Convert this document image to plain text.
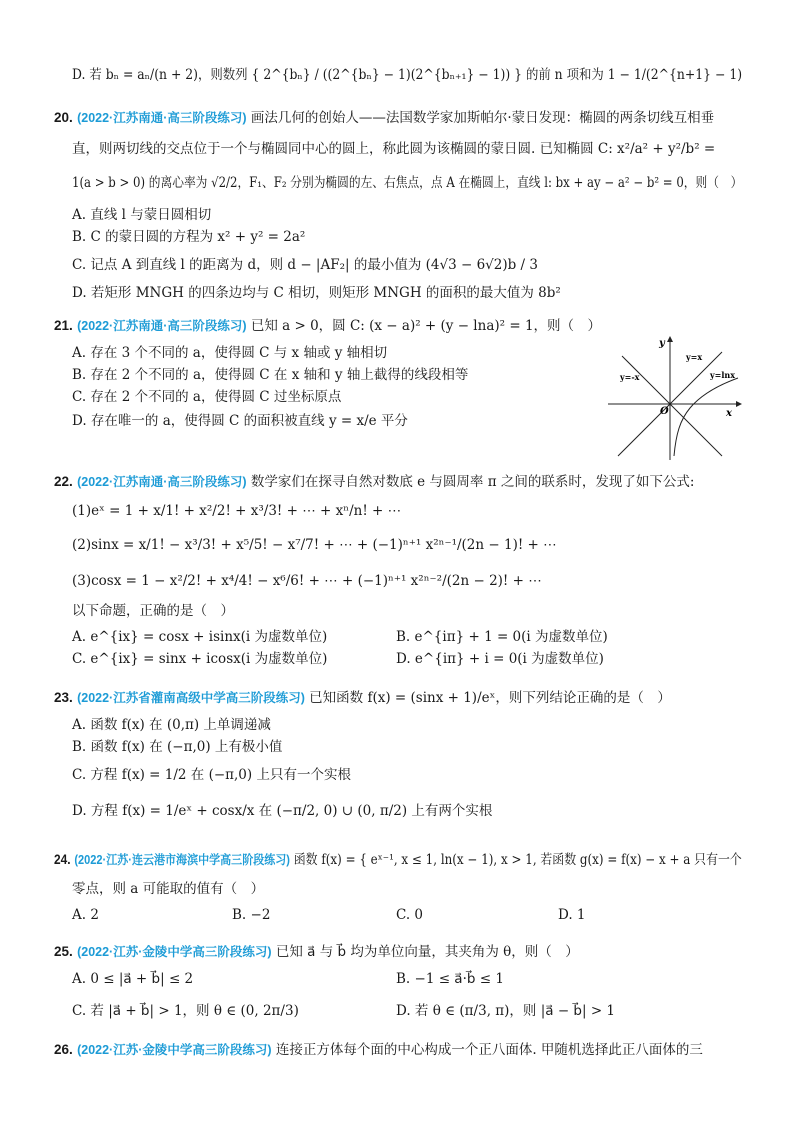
D. 若 bₙ = aₙ/(n + 2)，则数列 { 2^{bₙ} / ((2^{bₙ} − 1)(2^{bₙ₊₁} − 1)) } 的前 n 项和为 1 − 1/(2^{n+1} − 1)
20. (2022·江苏南通·高三阶段练习) 画法几何的创始人——法国数学家加斯帕尔·蒙日发现：椭圆的两条切线互相垂
直，则两切线的交点位于一个与椭圆同中心的圆上，称此圆为该椭圆的蒙日圆. 已知椭圆 C: x²/a² + y²/b² =
1(a > b > 0) 的离心率为 √2/2，F₁、F₂ 分别为椭圆的左、右焦点，点 A 在椭圆上，直线 l: bx + ay − a² − b² = 0，则（　）
A. 直线 l 与蒙日圆相切
B. C 的蒙日圆的方程为 x² + y² = 2a²
C. 记点 A 到直线 l 的距离为 d，则 d − |AF₂| 的最小值为 (4√3 − 6√2)b / 3
D. 若矩形 MNGH 的四条边均与 C 相切，则矩形 MNGH 的面积的最大值为 8b²
21. (2022·江苏南通·高三阶段练习) 已知 a > 0，圆 C: (x − a)² + (y − lna)² = 1，则（　）
A. 存在 3 个不同的 a，使得圆 C 与 x 轴或 y 轴相切
B. 存在 2 个不同的 a，使得圆 C 在 x 轴和 y 轴上截得的线段相等
C. 存在 2 个不同的 a，使得圆 C 过坐标原点
D. 存在唯一的 a，使得圆 C 的面积被直线 y = x/e 平分
y
x
O
y=x
y=-x	y=lnx
22. (2022·江苏南通·高三阶段练习) 数学家们在探寻自然对数底 e 与圆周率 π 之间的联系时，发现了如下公式:
(1)eˣ = 1 + x/1! + x²/2! + x³/3! + ⋯ + xⁿ/n! + ⋯
(2)sinx = x/1! − x³/3! + x⁵/5! − x⁷/7! + ⋯ + (−1)ⁿ⁺¹ x²ⁿ⁻¹/(2n − 1)! + ⋯
(3)cosx = 1 − x²/2! + x⁴/4! − x⁶/6! + ⋯ + (−1)ⁿ⁺¹ x²ⁿ⁻²/(2n − 2)! + ⋯
以下命题，正确的是（　）
A. e^{ix} = cosx + isinx(i 为虚数单位)	B. e^{iπ} + 1 = 0(i 为虚数单位)
C. e^{ix} = sinx + icosx(i 为虚数单位)	D. e^{iπ} + i = 0(i 为虚数单位)
23. (2022·江苏省灌南高级中学高三阶段练习) 已知函数 f(x) = (sinx + 1)/eˣ，则下列结论正确的是（　）
A. 函数 f(x) 在 (0,π) 上单调递减
B. 函数 f(x) 在 (−π,0) 上有极小值
C. 方程 f(x) = 1/2 在 (−π,0) 上只有一个实根
D. 方程 f(x) = 1/eˣ + cosx/x 在 (−π/2, 0) ∪ (0, π/2) 上有两个实根
24. (2022·江苏·连云港市海滨中学高三阶段练习) 函数 f(x) = { eˣ⁻¹, x ≤ 1, ln(x − 1), x > 1, 若函数 g(x) = f(x) − x + a 只有一个
零点，则 a 可能取的值有（　）
A. 2	B. −2	C. 0	D. 1
25. (2022·江苏·金陵中学高三阶段练习) 已知 a⃗ 与 b⃗ 均为单位向量，其夹角为 θ，则（　）
A. 0 ≤ |a⃗ + b⃗| ≤ 2	B. −1 ≤ a⃗·b⃗ ≤ 1
C. 若 |a⃗ + b⃗| > 1，则 θ ∈ (0, 2π/3)	D. 若 θ ∈ (π/3, π)，则 |a⃗ − b⃗| > 1
26. (2022·江苏·金陵中学高三阶段练习) 连接正方体每个面的中心构成一个正八面体. 甲随机选择此正八面体的三
